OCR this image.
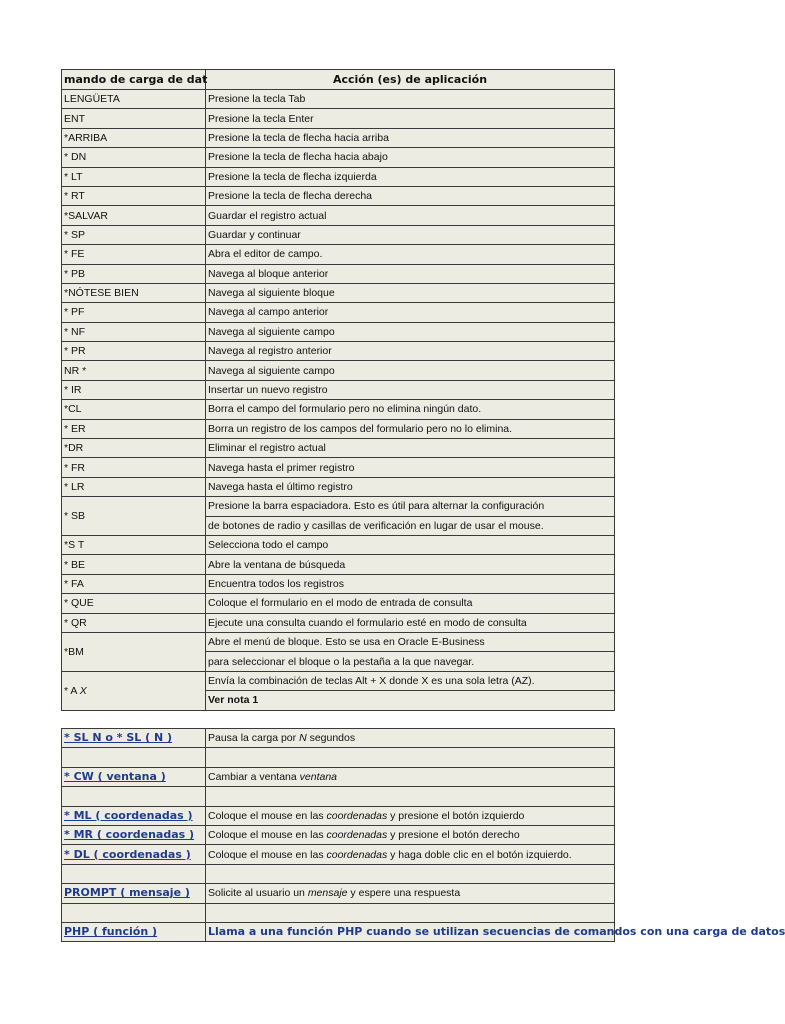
mando de carga de dat	Acción (es) de aplicación
LENGÜETA	Presione la tecla Tab
ENT	Presione la tecla Enter
*ARRIBA	Presione la tecla de flecha hacia arriba
* DN	Presione la tecla de flecha hacia abajo
* LT	Presione la tecla de flecha izquierda
* RT	Presione la tecla de flecha derecha
*SALVAR	Guardar el registro actual
* SP	Guardar y continuar
* FE	Abra el editor de campo.
* PB	Navega al bloque anterior
*NÓTESE BIEN	Navega al siguiente bloque
* PF	Navega al campo anterior
* NF	Navega al siguiente campo
* PR	Navega al registro anterior
NR *	Navega al siguiente campo
* IR	Insertar un nuevo registro
*CL	Borra el campo del formulario pero no elimina ningún dato.
* ER	Borra un registro de los campos del formulario pero no lo elimina.
*DR	Eliminar el registro actual
* FR	Navega hasta el primer registro
* LR	Navega hasta el último registro
* SB	Presione la barra espaciadora. Esto es útil para alternar la configuración
	de botones de radio y casillas de verificación en lugar de usar el mouse.
*S T	Selecciona todo el campo
* BE	Abre la ventana de búsqueda
* FA	Encuentra todos los registros
* QUE	Coloque el formulario en el modo de entrada de consulta
* QR	Ejecute una consulta cuando el formulario esté en modo de consulta
*BM	Abre el menú de bloque. Esto se usa en Oracle E-Business
	para seleccionar el bloque o la pestaña a la que navegar.
* A X	Envía la combinación de teclas Alt + X donde X es una sola letra (AZ).
	Ver nota 1
* SL N o * SL ( N )	Pausa la carga por N segundos

* CW ( ventana )	Cambiar a ventana ventana

* ML ( coordenadas )	Coloque el mouse en las coordenadas y presione el botón izquierdo
* MR ( coordenadas )	Coloque el mouse en las coordenadas y presione el botón derecho
* DL ( coordenadas )	Coloque el mouse en las coordenadas y haga doble clic en el botón izquierdo.

PROMPT ( mensaje )	Solicite al usuario un mensaje y espere una respuesta

PHP ( función )	Llama a una función PHP cuando se utilizan secuencias de comandos con una carga de datos
